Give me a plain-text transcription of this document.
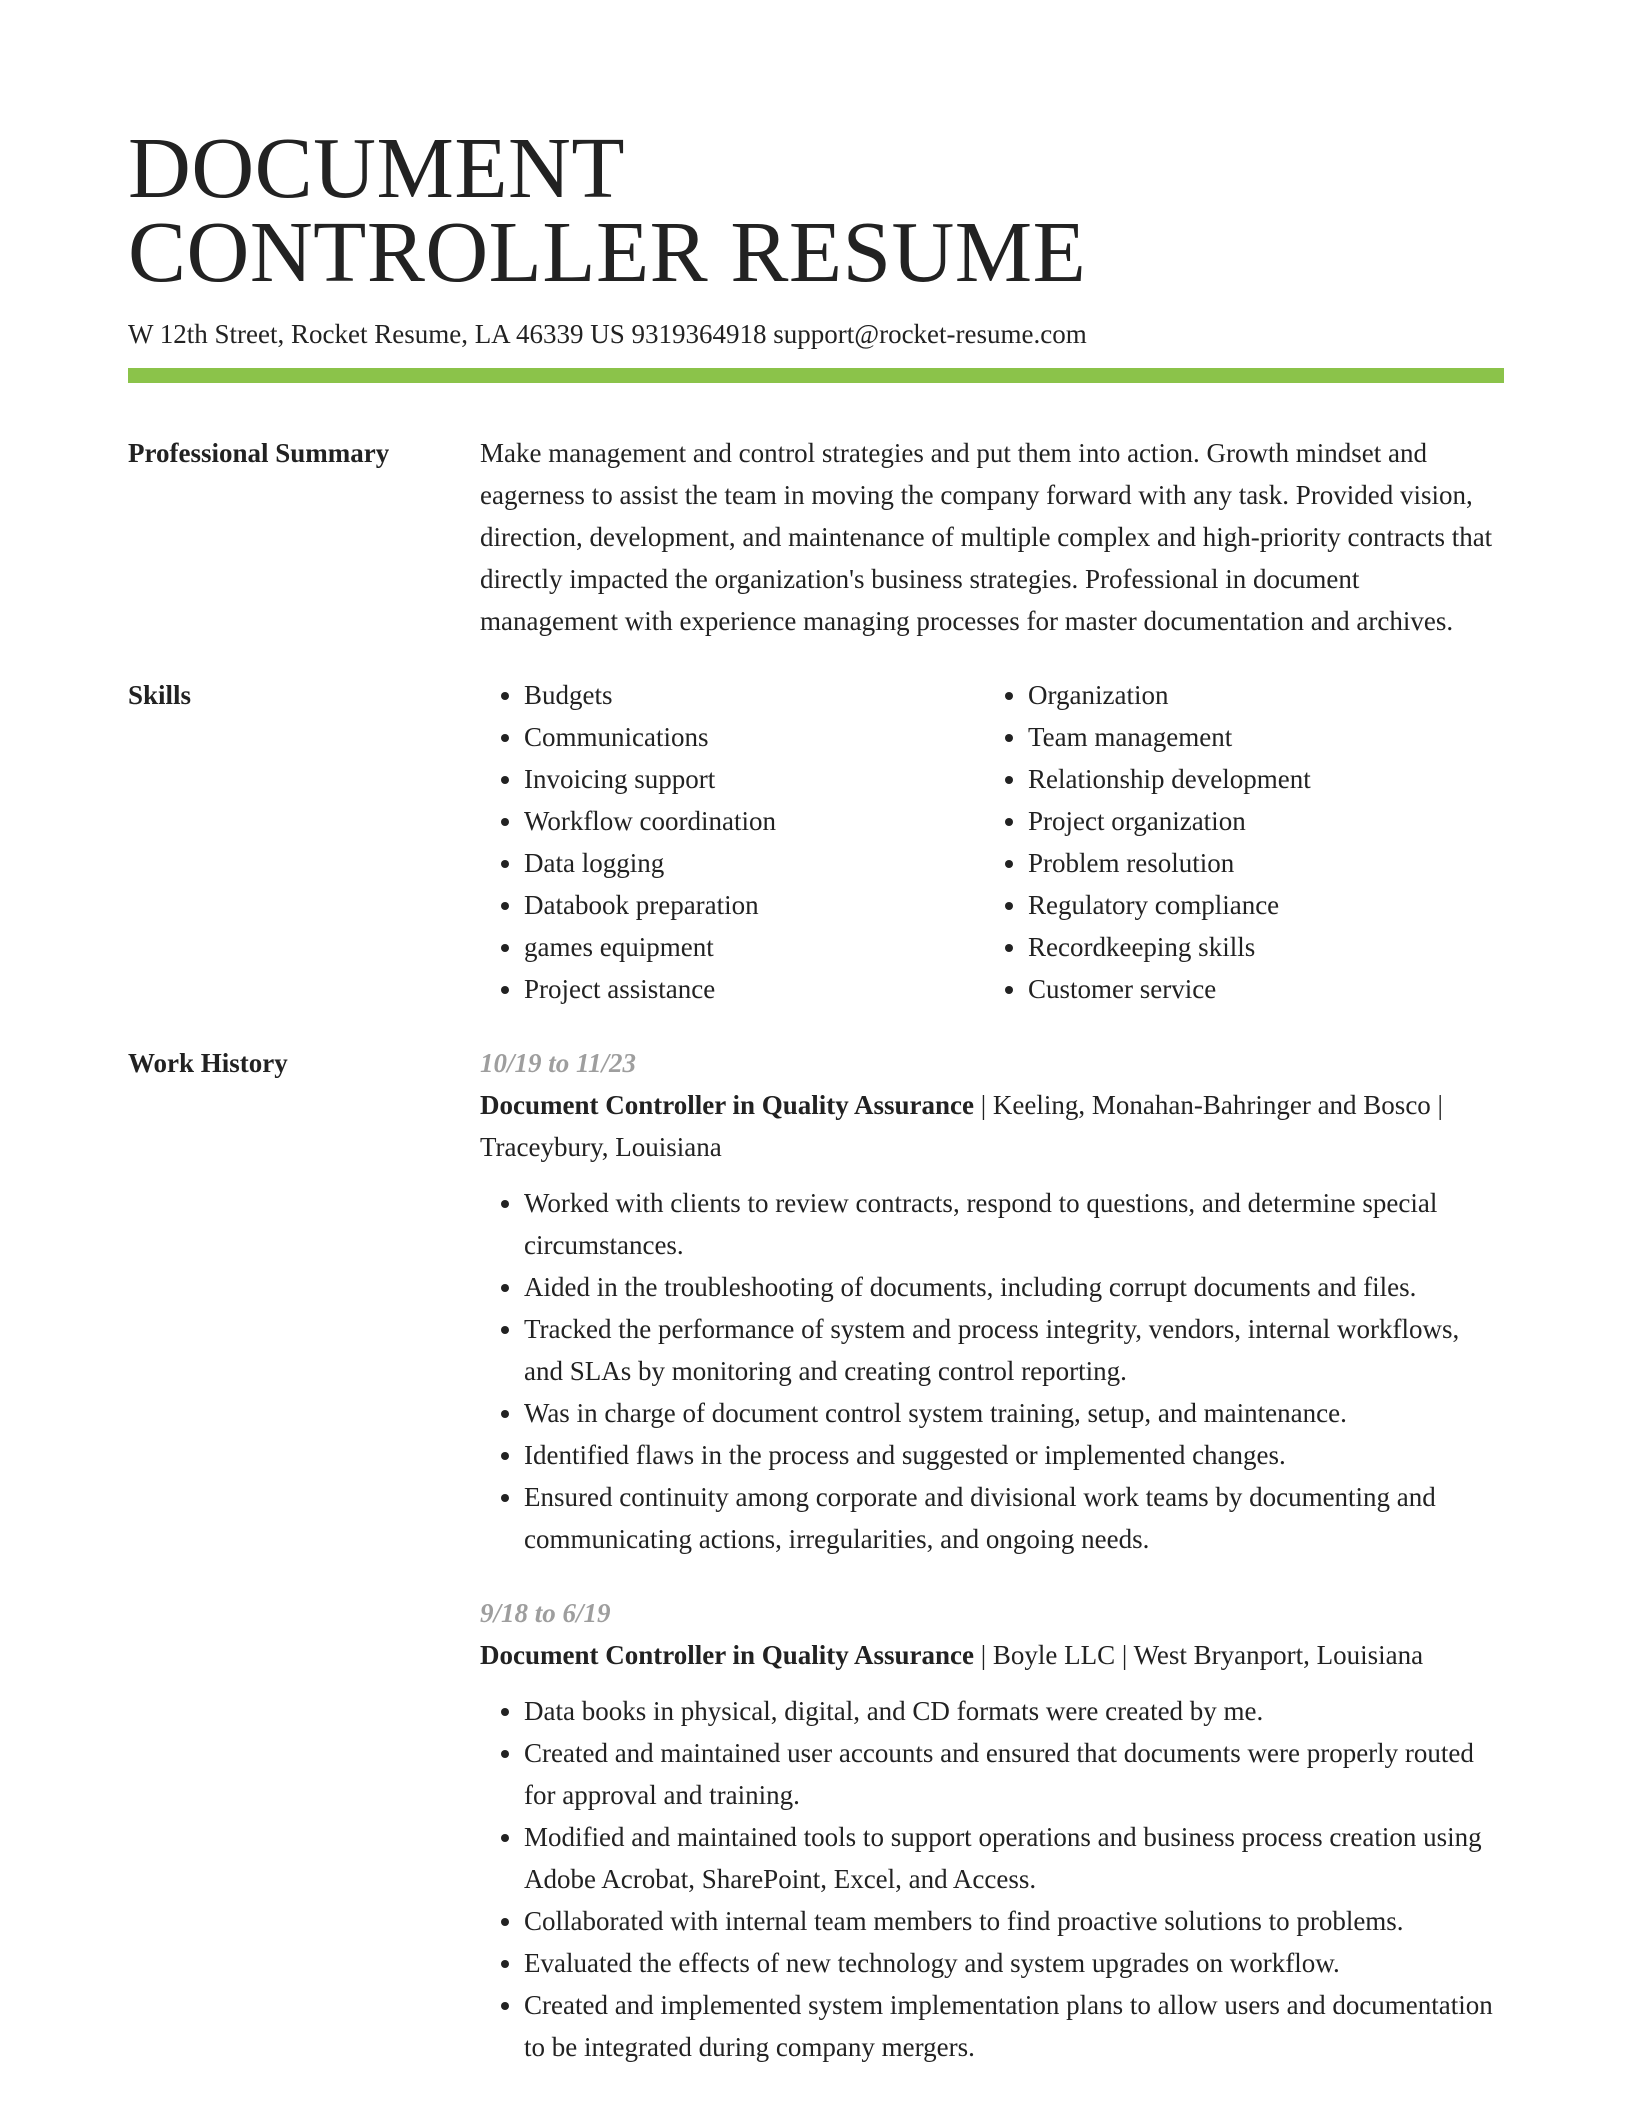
DOCUMENT
CONTROLLER RESUME
W 12th Street, Rocket Resume, LA 46339 US 9319364918 support@rocket-resume.com
Professional Summary	Make management and control strategies and put them into action. Growth mindset and eagerness to assist the team in moving the company forward with any task. Provided vision, direction, development, and maintenance of multiple complex and high-priority contracts that directly impacted the organization's business strategies. Professional in document management with experience managing processes for master documentation and archives.
Skills
•	Budgets
• Communications
• Invoicing support
• Workflow coordination
• Data logging
• Databook preparation
• games equipment
• Project assistance
• Organization
• Team management
• Relationship development
• Project organization
• Problem resolution
• Regulatory compliance
• Recordkeeping skills
• Customer service
Work History	10/19 to 11/23
Document Controller in Quality Assurance | Keeling, Monahan-Bahringer and Bosco | Traceybury, Louisiana
• Worked with clients to review contracts, respond to questions, and determine special circumstances.
• Aided in the troubleshooting of documents, including corrupt documents and files.
• Tracked the performance of system and process integrity, vendors, internal workflows, and SLAs by monitoring and creating control reporting.
• Was in charge of document control system training, setup, and maintenance.
• Identified flaws in the process and suggested or implemented changes.
• Ensured continuity among corporate and divisional work teams by documenting and communicating actions, irregularities, and ongoing needs.
9/18 to 6/19
Document Controller in Quality Assurance | Boyle LLC | West Bryanport, Louisiana
• Data books in physical, digital, and CD formats were created by me.
• Created and maintained user accounts and ensured that documents were properly routed for approval and training.
• Modified and maintained tools to support operations and business process creation using Adobe Acrobat, SharePoint, Excel, and Access.
• Collaborated with internal team members to find proactive solutions to problems.
• Evaluated the effects of new technology and system upgrades on workflow.
• Created and implemented system implementation plans to allow users and documentation to be integrated during company mergers.
